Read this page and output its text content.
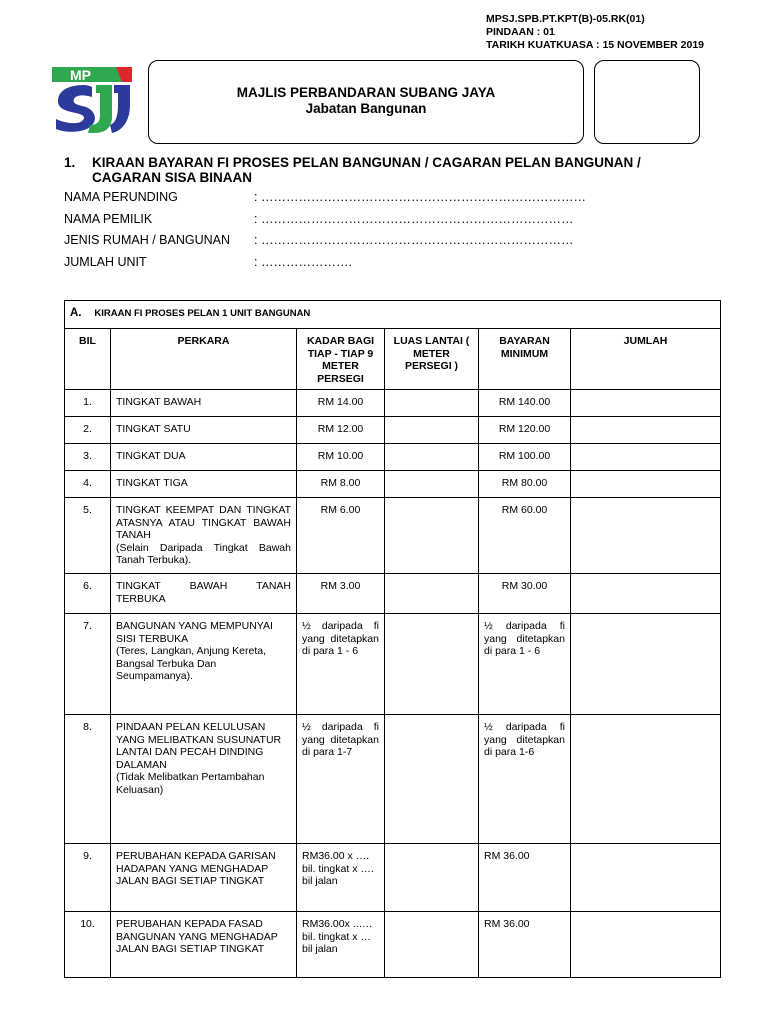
MPSJ.SPB.PT.KPT(B)-05.RK(01)
PINDAAN : 01
TARIKH KUATKUASA : 15 NOVEMBER 2019
MP
MAJLIS PERBANDARAN SUBANG JAYA
Jabatan Bangunan
1. KIRAAN BAYARAN FI PROSES PELAN BANGUNAN / CAGARAN PELAN BANGUNAN / CAGARAN SISA BINAAN
NAMA PERUNDING	: ……………………………………………………………………
NAMA PEMILIK	: …………………………………………………………………
JENIS RUMAH / BANGUNAN : …………………………………………………………………
JUMLAH UNIT	: ………………….
A. KIRAAN FI PROSES PELAN 1 UNIT BANGUNAN					
BIL	PERKARA	KADAR BAGI TIAP - TIAP 9 METER PERSEGI	LUAS LANTAI ( METER PERSEGI )	BAYARAN MINIMUM	JUMLAH
1.	TINGKAT BAWAH	RM 14.00		RM 140.00	
2.	TINGKAT SATU	RM 12.00		RM 120.00	
3.	TINGKAT DUA	RM 10.00		RM 100.00	
4.	TINGKAT TIGA	RM 8.00		RM 80.00	
5.	TINGKAT KEEMPAT DAN TINGKAT ATASNYA ATAU TINGKAT BAWAH TANAH
(Selain Daripada Tingkat Bawah Tanah Terbuka).	RM 6.00		RM 60.00	
6.	TINGKAT BAWAH TANAH TERBUKA	RM 3.00		RM 30.00	
7.	BANGUNAN YANG MEMPUNYAI SISI TERBUKA
(Teres, Langkan, Anjung Kereta, Bangsal Terbuka Dan Seumpamanya).	½ daripada fi yang ditetapkan di para 1 - 6		½ daripada fi yang ditetapkan di para 1 - 6	
8.	PINDAAN PELAN KELULUSAN YANG MELIBATKAN SUSUNATUR LANTAI DAN PECAH DINDING DALAMAN
(Tidak Melibatkan Pertambahan Keluasan)	½ daripada fi yang ditetapkan di para 1-7		½ daripada fi yang ditetapkan di para 1-6	
9.	PERUBAHAN KEPADA GARISAN HADAPAN YANG MENGHADAP JALAN BAGI SETIAP TINGKAT	RM36.00 x …. bil. tingkat x …. bil jalan		RM 36.00	
10.	PERUBAHAN KEPADA FASAD BANGUNAN YANG MENGHADAP JALAN BAGI SETIAP TINGKAT	RM36.00x ..…. bil. tingkat x … bil jalan		RM 36.00	
